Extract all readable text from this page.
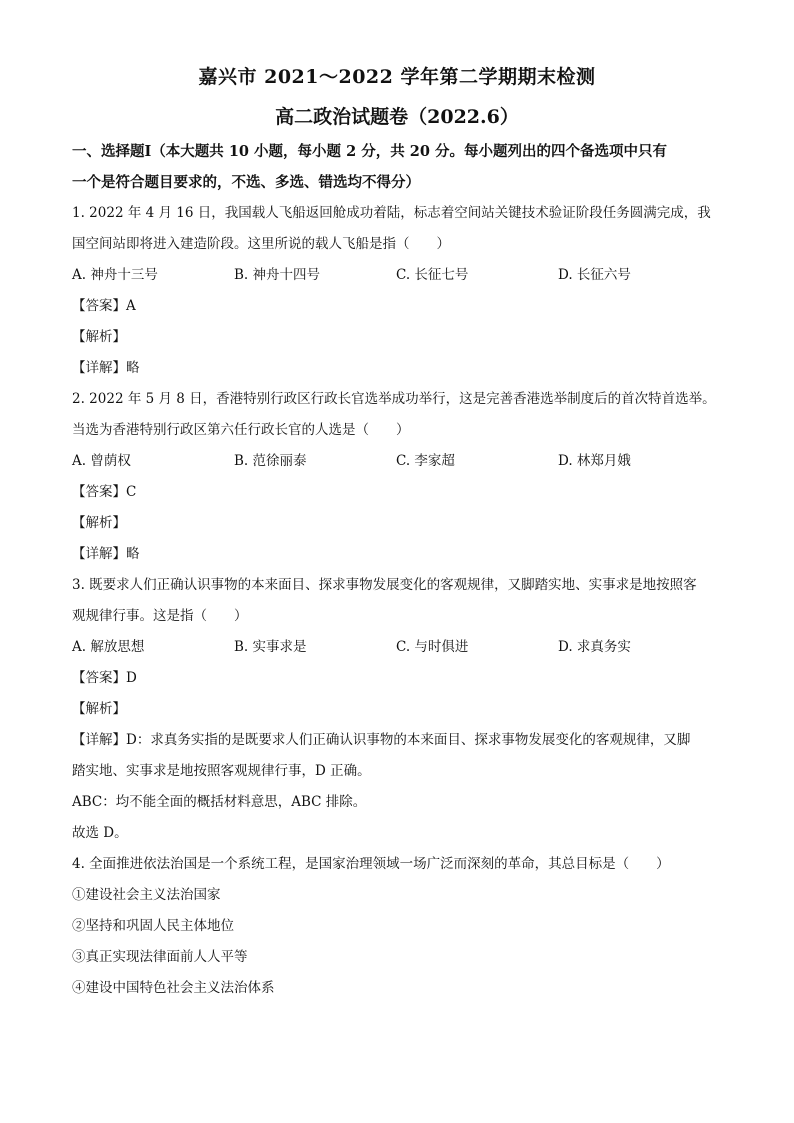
嘉兴市 2021～2022 学年第二学期期末检测
高二政治试题卷（2022.6）
一、选择题Ⅰ（本大题共 10 小题，每小题 2 分，共 20 分。每小题列出的四个备选项中只有
一个是符合题目要求的，不选、多选、错选均不得分）
1. 2022 年 4 月 16 日，我国载人飞船返回舱成功着陆，标志着空间站关键技术验证阶段任务圆满完成，我
国空间站即将进入建造阶段。这里所说的载人飞船是指（　　）
A. 神舟十三号	B. 神舟十四号	C. 长征七号	D. 长征六号
【答案】A
【解析】
【详解】略
2. 2022 年 5 月 8 日，香港特别行政区行政长官选举成功举行，这是完善香港选举制度后的首次特首选举。
当选为香港特别行政区第六任行政长官的人选是（　　）
A. 曾荫权	B. 范徐丽泰	C. 李家超	D. 林郑月娥
【答案】C
【解析】
【详解】略
3. 既要求人们正确认识事物的本来面目、探求事物发展变化的客观规律，又脚踏实地、实事求是地按照客
观规律行事。这是指（　　）
A. 解放思想	B. 实事求是	C. 与时俱进	D. 求真务实
【答案】D
【解析】
【详解】D：求真务实指的是既要求人们正确认识事物的本来面目、探求事物发展变化的客观规律，又脚
踏实地、实事求是地按照客观规律行事，D 正确。
ABC：均不能全面的概括材料意思，ABC 排除。
故选 D。
4. 全面推进依法治国是一个系统工程，是国家治理领域一场广泛而深刻的革命，其总目标是（　　）
①建设社会主义法治国家
②坚持和巩固人民主体地位
③真正实现法律面前人人平等
④建设中国特色社会主义法治体系
